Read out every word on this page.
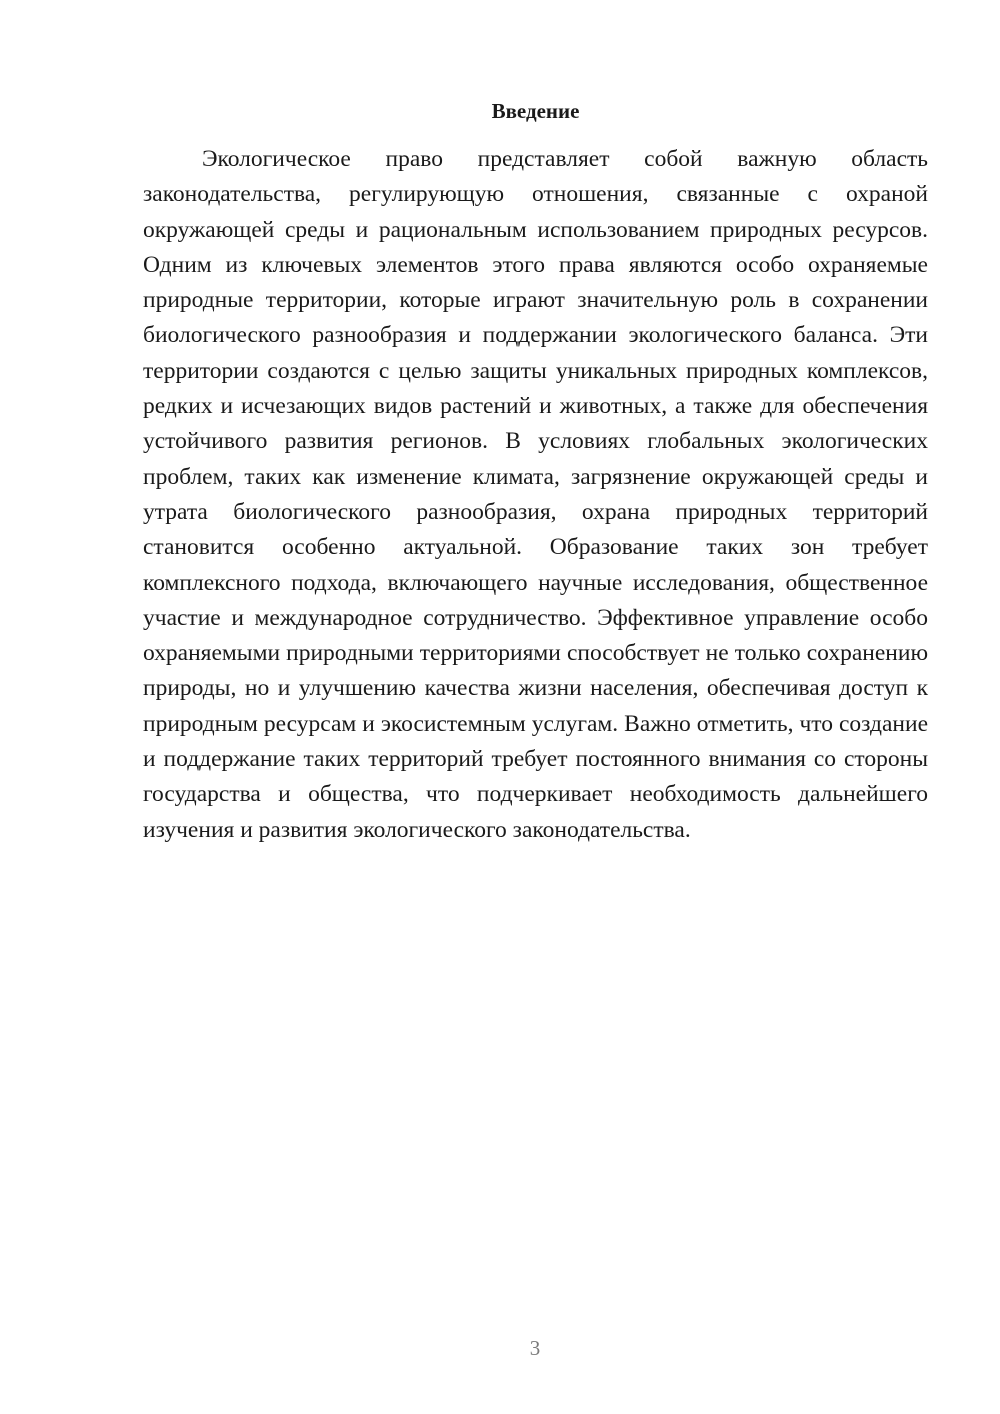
Введение

Экологическое право представляет собой важную область законодательства, регулирующую отношения, связанные с охраной окружающей среды и рациональным использованием природных ресурсов. Одним из ключевых элементов этого права являются особо охраняемые природные территории, которые играют значительную роль в сохранении биологического разнообразия и поддержании экологического баланса. Эти территории создаются с целью защиты уникальных природных комплексов, редких и исчезающих видов растений и животных, а также для обеспечения устойчивого развития регионов. В условиях глобальных экологических проблем, таких как изменение климата, загрязнение окружающей среды и утрата биологического разнообразия, охрана природных территорий становится особенно актуальной. Образование таких зон требует комплексного подхода, включающего научные исследования, общественное участие и международное сотрудничество. Эффективное управление особо охраняемыми природными территориями способствует не только сохранению природы, но и улучшению качества жизни населения, обеспечивая доступ к природным ресурсам и экосистемным услугам. Важно отметить, что создание и поддержание таких территорий требует постоянного внимания со стороны государства и общества, что подчеркивает необходимость дальнейшего изучения и развития экологического законодательства.

3
